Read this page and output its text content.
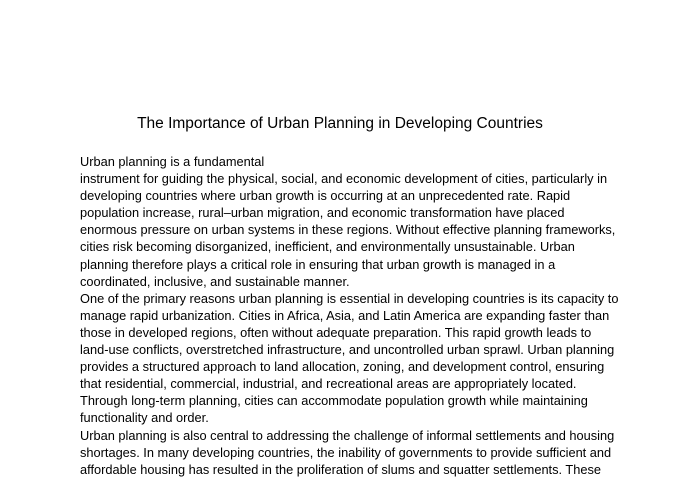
The Importance of Urban Planning in Developing Countries
Urban planning is a fundamental
instrument for guiding the physical, social, and economic development of cities, particularly in
developing countries where urban growth is occurring at an unprecedented rate. Rapid
population increase, rural–urban migration, and economic transformation have placed
enormous pressure on urban systems in these regions. Without effective planning frameworks,
cities risk becoming disorganized, inefficient, and environmentally unsustainable. Urban
planning therefore plays a critical role in ensuring that urban growth is managed in a
coordinated, inclusive, and sustainable manner.
One of the primary reasons urban planning is essential in developing countries is its capacity to
manage rapid urbanization. Cities in Africa, Asia, and Latin America are expanding faster than
those in developed regions, often without adequate preparation. This rapid growth leads to
land-use conflicts, overstretched infrastructure, and uncontrolled urban sprawl. Urban planning
provides a structured approach to land allocation, zoning, and development control, ensuring
that residential, commercial, industrial, and recreational areas are appropriately located.
Through long-term planning, cities can accommodate population growth while maintaining
functionality and order.
Urban planning is also central to addressing the challenge of informal settlements and housing
shortages. In many developing countries, the inability of governments to provide sufficient and
affordable housing has resulted in the proliferation of slums and squatter settlements. These
